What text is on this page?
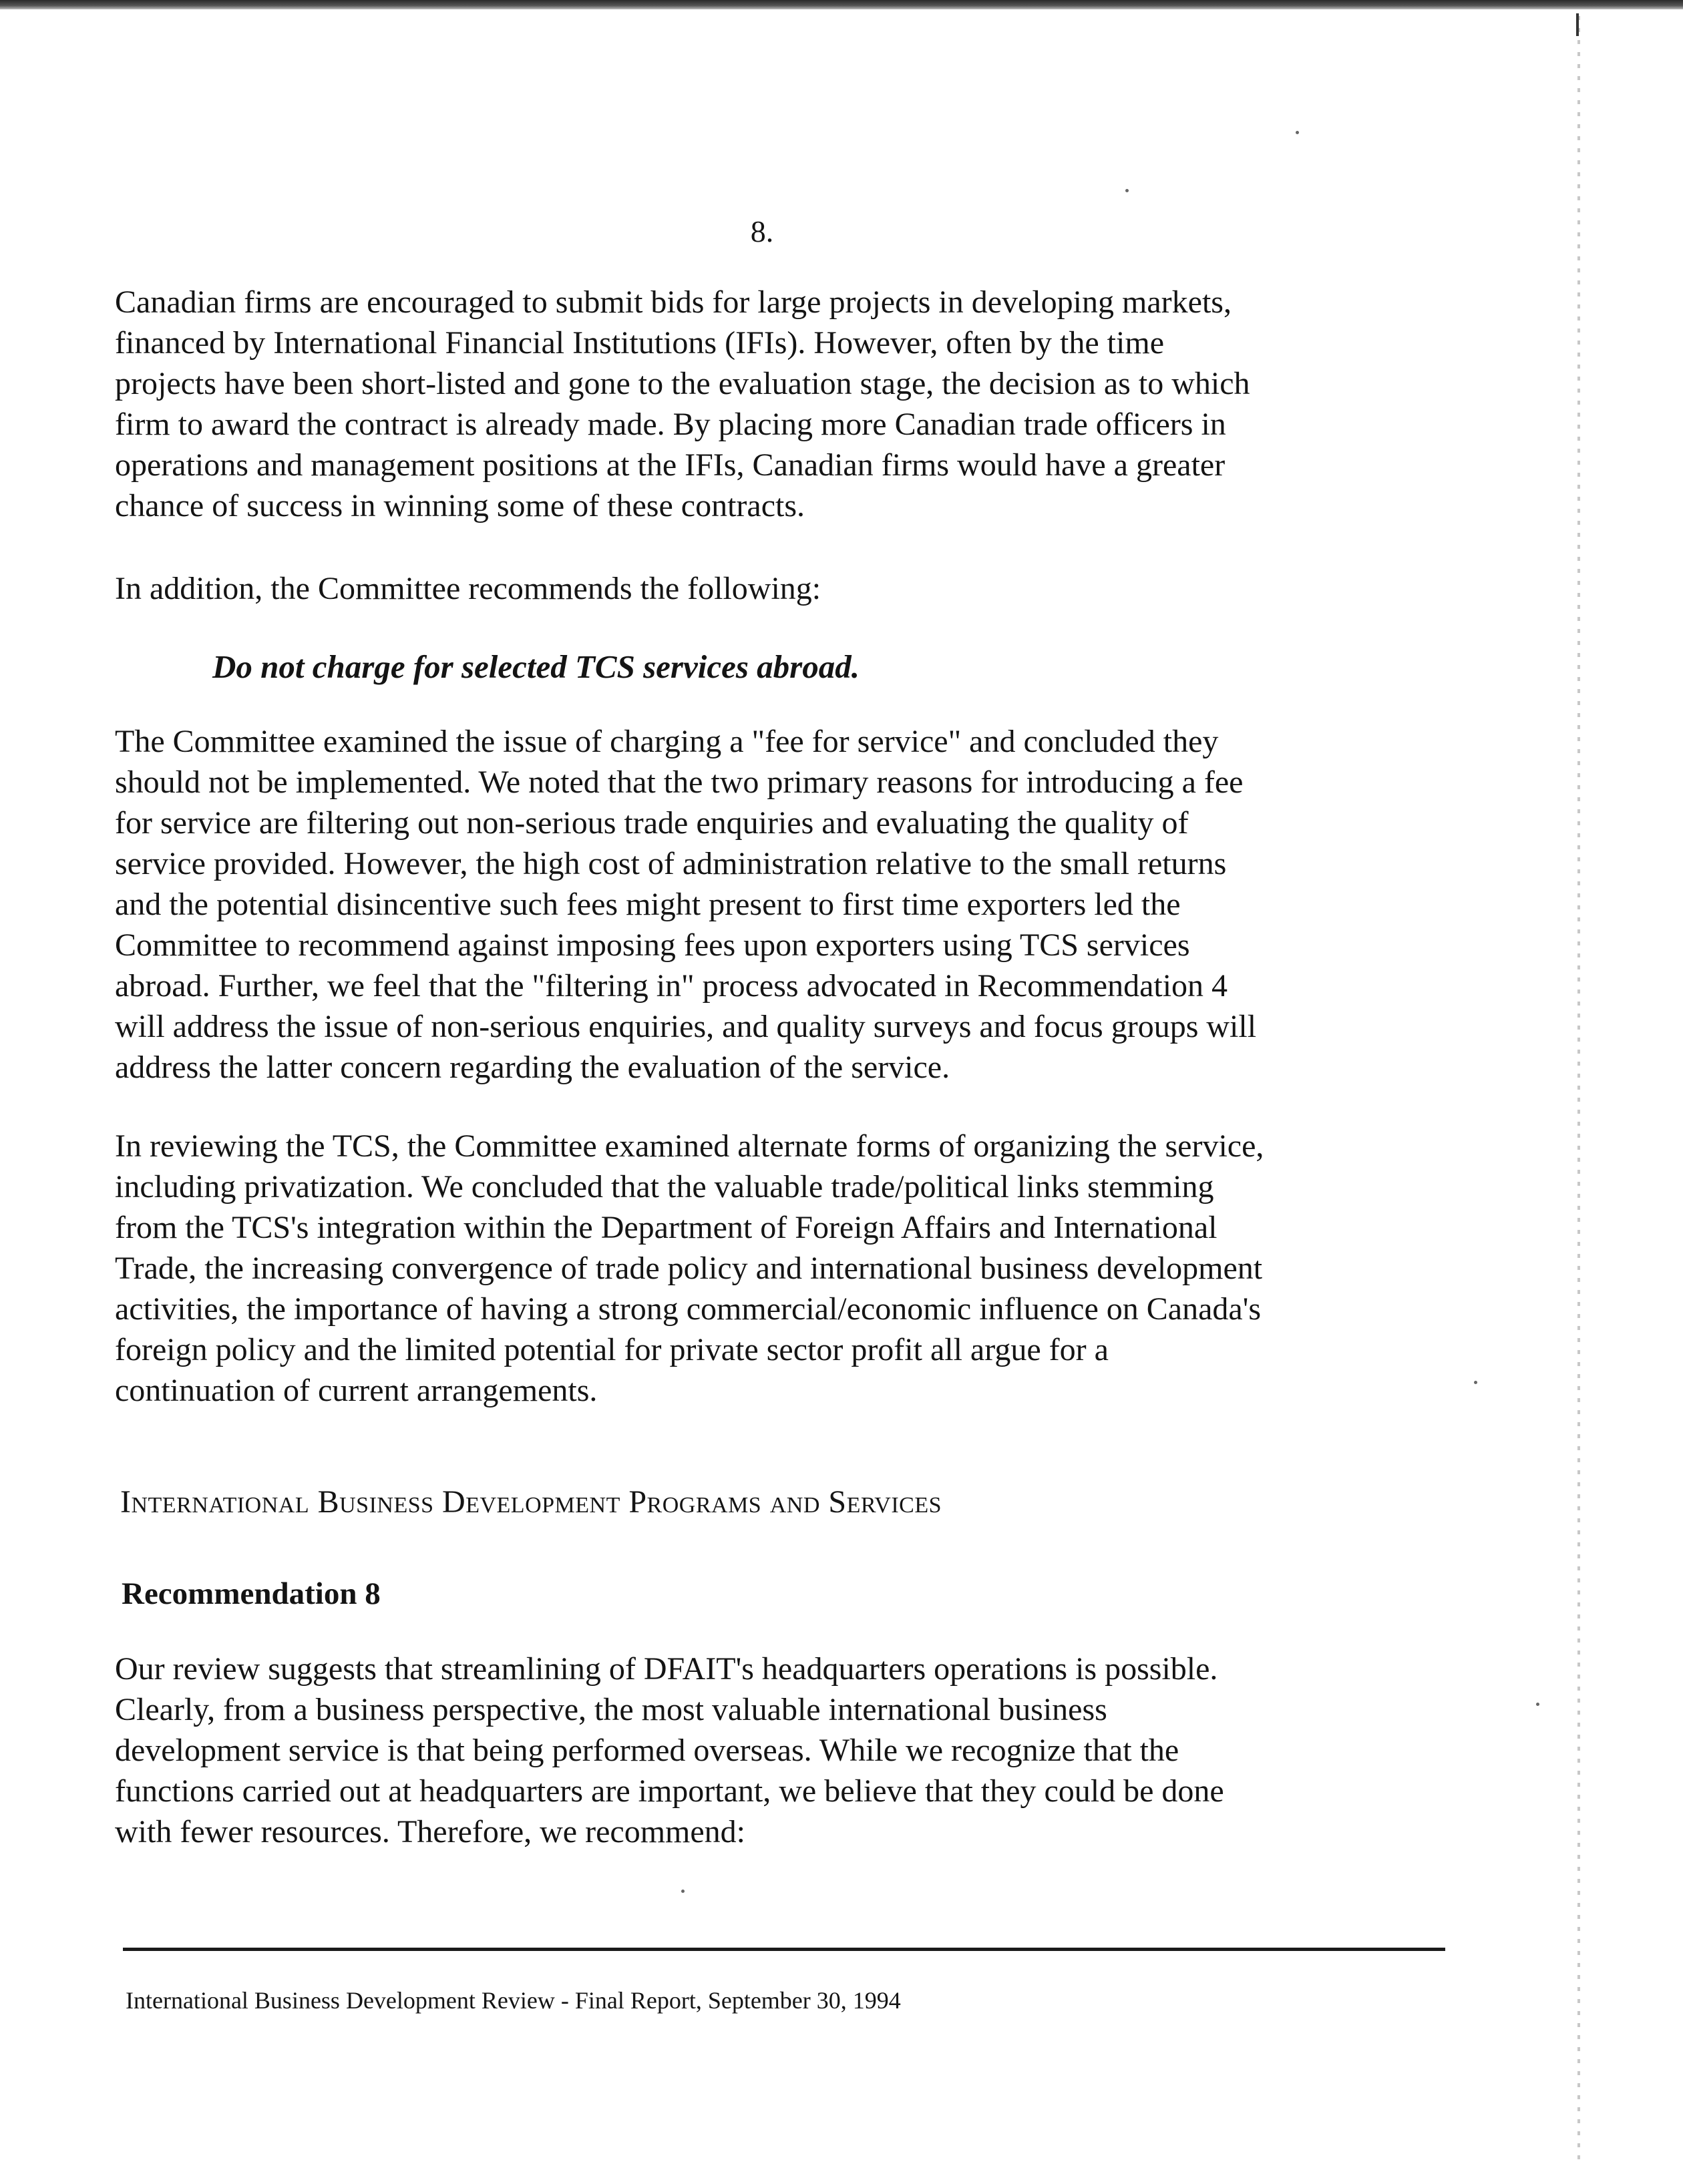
8.
Canadian firms are encouraged to submit bids for large projects in developing markets,
financed by International Financial Institutions (IFIs). However, often by the time
projects have been short-listed and gone to the evaluation stage, the decision as to which
firm to award the contract is already made. By placing more Canadian trade officers in
operations and management positions at the IFIs, Canadian firms would have a greater
chance of success in winning some of these contracts.
In addition, the Committee recommends the following:
Do not charge for selected TCS services abroad.
The Committee examined the issue of charging a "fee for service" and concluded they
should not be implemented. We noted that the two primary reasons for introducing a fee
for service are filtering out non-serious trade enquiries and evaluating the quality of
service provided. However, the high cost of administration relative to the small returns
and the potential disincentive such fees might present to first time exporters led the
Committee to recommend against imposing fees upon exporters using TCS services
abroad. Further, we feel that the "filtering in" process advocated in Recommendation 4
will address the issue of non-serious enquiries, and quality surveys and focus groups will
address the latter concern regarding the evaluation of the service.
In reviewing the TCS, the Committee examined alternate forms of organizing the service,
including privatization. We concluded that the valuable trade/political links stemming
from the TCS's integration within the Department of Foreign Affairs and International
Trade, the increasing convergence of trade policy and international business development
activities, the importance of having a strong commercial/economic influence on Canada's
foreign policy and the limited potential for private sector profit all argue for a
continuation of current arrangements.
International Business Development Programs and Services
Recommendation 8
Our review suggests that streamlining of DFAIT's headquarters operations is possible.
Clearly, from a business perspective, the most valuable international business
development service is that being performed overseas. While we recognize that the
functions carried out at headquarters are important, we believe that they could be done
with fewer resources. Therefore, we recommend:
International Business Development Review - Final Report, September 30, 1994
